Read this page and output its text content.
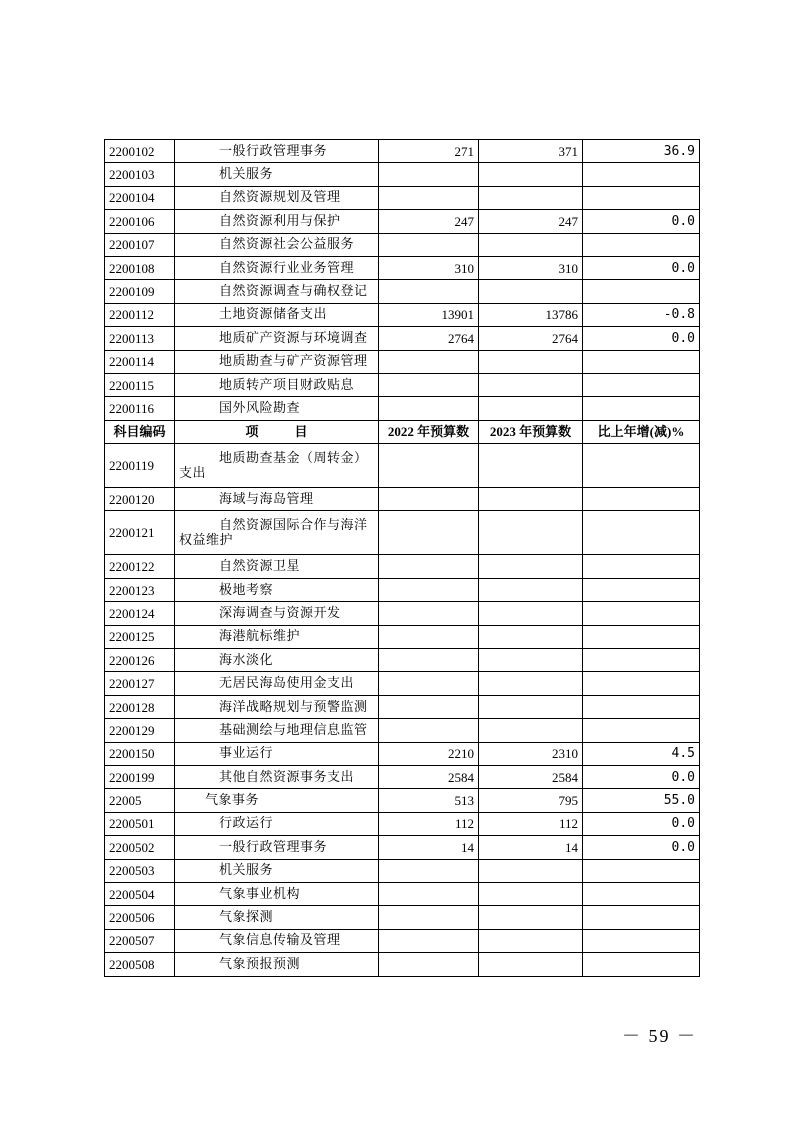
2200102	一般行政管理事务	271	371	36.9
2200103	机关服务			
2200104	自然资源规划及管理			
2200106	自然资源利用与保护	247	247	0.0
2200107	自然资源社会公益服务			
2200108	自然资源行业业务管理	310	310	0.0
2200109	自然资源调查与确权登记			
2200112	土地资源储备支出	13901	13786	-0.8
2200113	地质矿产资源与环境调查	2764	2764	0.0
2200114	地质勘查与矿产资源管理			
2200115	地质转产项目财政贴息			
2200116	国外风险勘查			
科目编码	项 目	2022 年预算数	2023 年预算数	比上年增(减)%
2200119	地质勘查基金（周转金）支出			
2200120	海域与海岛管理			
2200121	自然资源国际合作与海洋权益维护			
2200122	自然资源卫星			
2200123	极地考察			
2200124	深海调查与资源开发			
2200125	海港航标维护			
2200126	海水淡化			
2200127	无居民海岛使用金支出			
2200128	海洋战略规划与预警监测			
2200129	基础测绘与地理信息监管			
2200150	事业运行	2210	2310	4.5
2200199	其他自然资源事务支出	2584	2584	0.0
22005	气象事务	513	795	55.0
2200501	行政运行	112	112	0.0
2200502	一般行政管理事务	14	14	0.0
2200503	机关服务			
2200504	气象事业机构			
2200506	气象探测			
2200507	气象信息传输及管理			
2200508	气象预报预测			
－ 59 －
